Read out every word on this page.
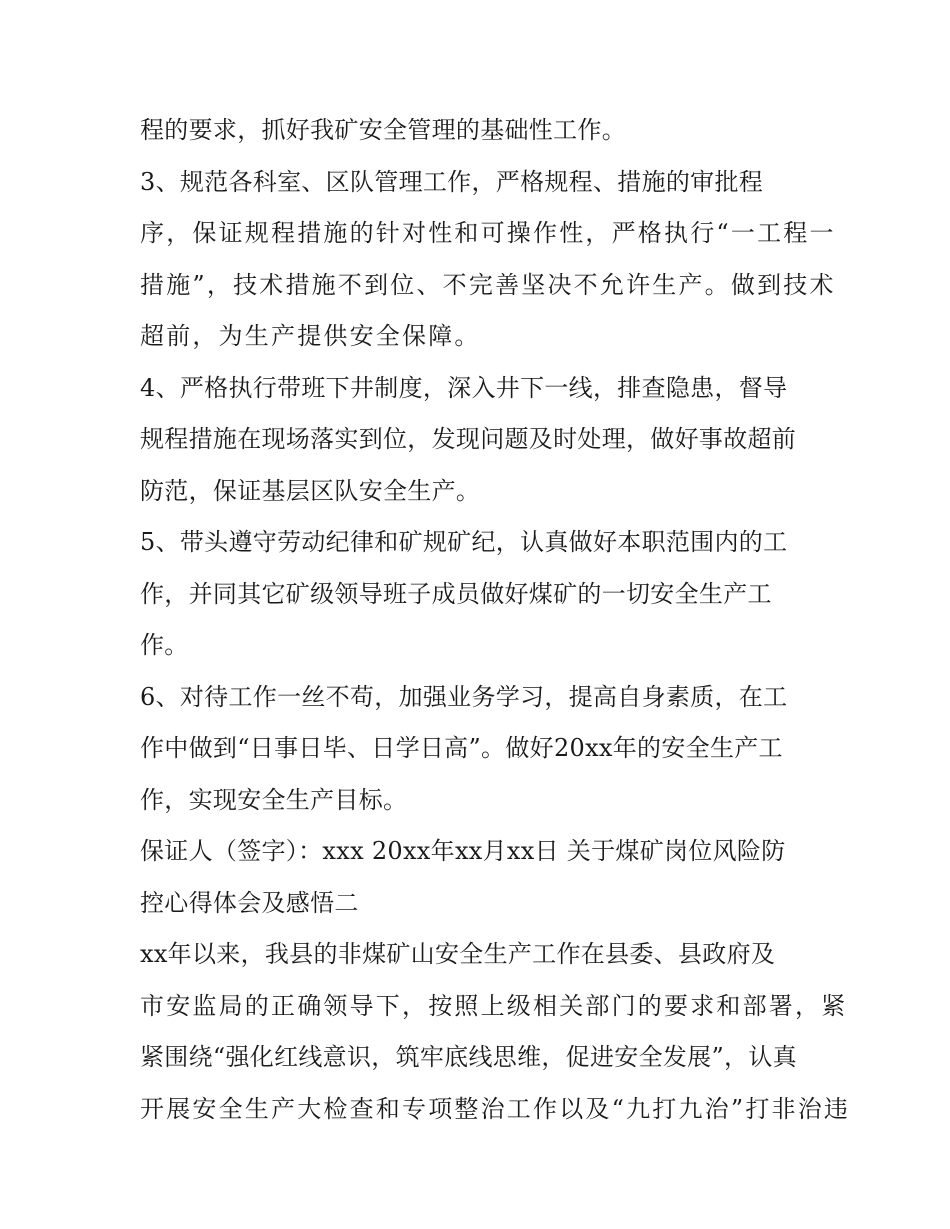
程的要求，抓好我矿安全管理的基础性工作。
3、规范各科室、区队管理工作，严格规程、措施的审批程
序，保证规程措施的针对性和可操作性，严格执行“一工程一
措施”，技术措施不到位、不完善坚决不允许生产。做到技术
超前，为生产提供安全保障。
4、严格执行带班下井制度，深入井下一线，排查隐患，督导
规程措施在现场落实到位，发现问题及时处理，做好事故超前
防范，保证基层区队安全生产。
5、带头遵守劳动纪律和矿规矿纪，认真做好本职范围内的工
作，并同其它矿级领导班子成员做好煤矿的一切安全生产工
作。
6、对待工作一丝不苟，加强业务学习，提高自身素质，在工
作中做到“日事日毕、日学日高”。做好20xx年的安全生产工
作，实现安全生产目标。
保证人（签字）：xxx 20xx年xx月xx日 关于煤矿岗位风险防
控心得体会及感悟二
xx年以来，我县的非煤矿山安全生产工作在县委、县政府及
市安监局的正确领导下，按照上级相关部门的要求和部署，紧
紧围绕“强化红线意识，筑牢底线思维，促进安全发展”，认真
开展安全生产大检查和专项整治工作以及“九打九治”打非治违
